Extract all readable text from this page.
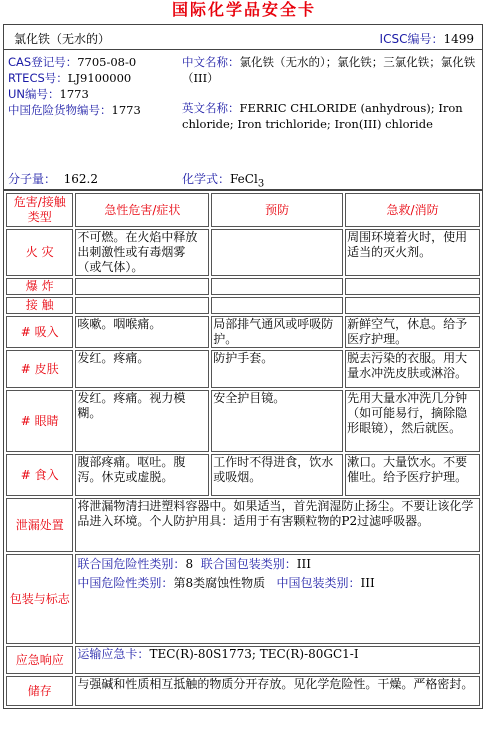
国际化学品安全卡
氯化铁（无水的）	ICSC编号：1499
CAS登记号：7705-08-0
RTECS号：LJ9100000
UN编号：1773
中国危险货物编号：1773
中文名称：氯化铁（无水的）；氯化铁；三氯化铁；氯化铁（III）
英文名称：FERRIC CHLORIDE (anhydrous); Iron chloride; Iron trichloride; Iron(III) chloride
分子量： 162.2	化学式：FeCl$_3$
危害/接触类型	急性危害/症状	预防	急救/消防
火 灾	不可燃。在火焰中释放出刺激性或有毒烟雾（或气体）。		周围环境着火时，使用适当的灭火剂。
爆 炸			
接 触			
# 吸入	咳嗽。咽喉痛。	局部排气通风或呼吸防护。	新鲜空气，休息。给予医疗护理。
# 皮肤	发红。疼痛。	防护手套。	脱去污染的衣服。用大量水冲洗皮肤或淋浴。
# 眼睛	发红。疼痛。视力模糊。	安全护目镜。	先用大量水冲洗几分钟（如可能易行，摘除隐形眼镜），然后就医。
# 食入	腹部疼痛。呕吐。腹泻。休克或虚脱。	工作时不得进食，饮水或吸烟。	漱口。大量饮水。不要催吐。给予医疗护理。
泄漏处置	将泄漏物清扫进塑料容器中。如果适当，首先润湿防止扬尘。不要让该化学品进入环境。个人防护用具：适用于有害颗粒物的P2过滤呼吸器。		
包装与标志	联合国危险性类别：8 联合国包装类别：III
中国危险性类别：第8类腐蚀性物质 中国包装类别：III		

应急响应	运输应急卡：TEC(R)-80S1773; TEC(R)-80GC1-I		
储存	与强碱和性质相互抵触的物质分开存放。见化学危险性。干燥。严格密封。		
